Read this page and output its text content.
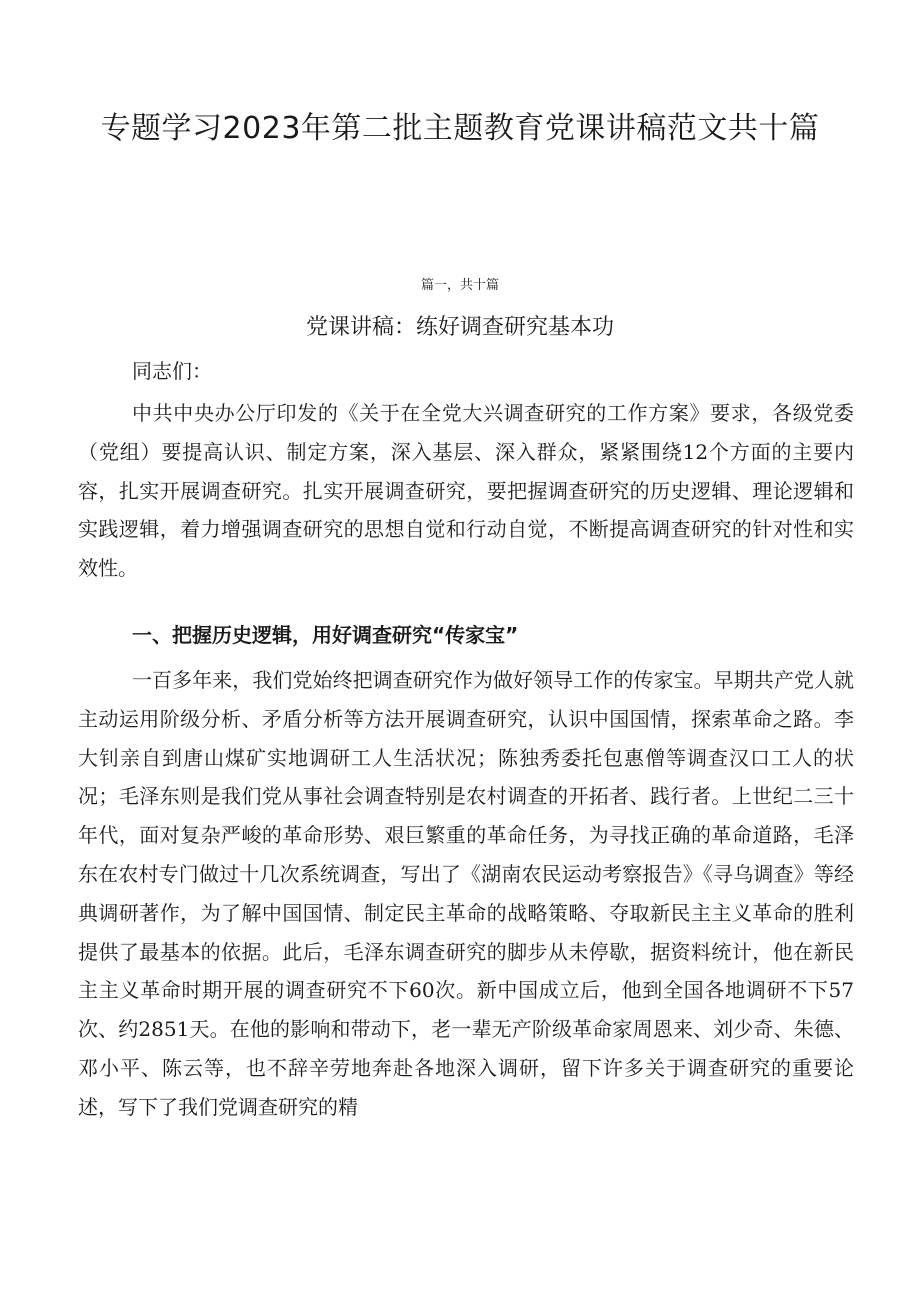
专题学习2023年第二批主题教育党课讲稿范文共十篇
篇一，共十篇
党课讲稿：练好调查研究基本功

同志们：

中共中央办公厅印发的《关于在全党大兴调查研究的工作方案》要求，各级党委（党组）要提高认识、制定方案，深入基层、深入群众，紧紧围绕12个方面的主要内容，扎实开展调查研究。扎实开展调查研究，要把握调查研究的历史逻辑、理论逻辑和实践逻辑，着力增强调查研究的思想自觉和行动自觉，不断提高调查研究的针对性和实效性。

一、把握历史逻辑，用好调查研究“传家宝”

一百多年来，我们党始终把调查研究作为做好领导工作的传家宝。早期共产党人就主动运用阶级分析、矛盾分析等方法开展调查研究，认识中国国情，探索革命之路。李大钊亲自到唐山煤矿实地调研工人生活状况；陈独秀委托包惠僧等调查汉口工人的状况；毛泽东则是我们党从事社会调查特别是农村调查的开拓者、践行者。上世纪二三十年代，面对复杂严峻的革命形势、艰巨繁重的革命任务，为寻找正确的革命道路，毛泽东在农村专门做过十几次系统调查，写出了《湖南农民运动考察报告》《寻乌调查》等经典调研著作，为了解中国国情、制定民主革命的战略策略、夺取新民主主义革命的胜利提供了最基本的依据。此后，毛泽东调查研究的脚步从未停歇，据资料统计，他在新民主主义革命时期开展的调查研究不下60次。新中国成立后，他到全国各地调研不下57次、约2851天。在他的影响和带动下，老一辈无产阶级革命家周恩来、刘少奇、朱德、邓小平、陈云等，也不辞辛劳地奔赴各地深入调研，留下许多关于调查研究的重要论述，写下了我们党调查研究的精
